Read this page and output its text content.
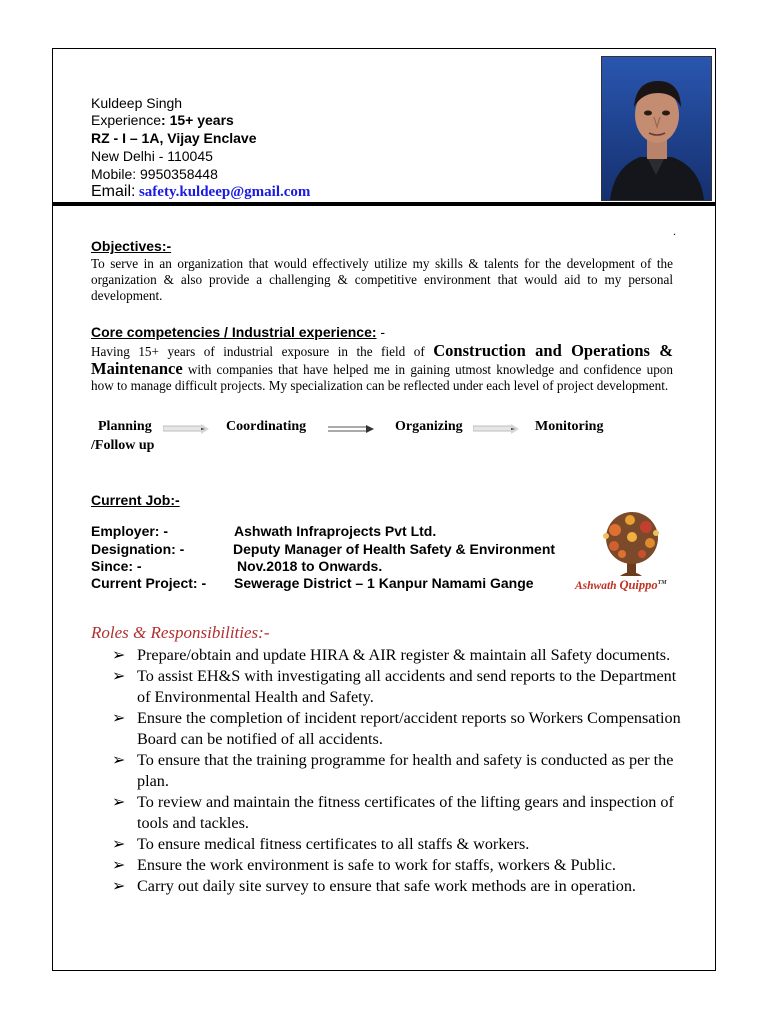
Kuldeep Singh
Experience: 15+ years
RZ - I – 1A, Vijay Enclave
New Delhi - 110045
Mobile: 9950358448
Email: safety.kuldeep@gmail.com
.
Objectives:-
To serve in an organization that would effectively utilize my skills & talents for the development of the organization & also provide a challenging & competitive environment that would aid to my personal development.
Core competencies / Industrial experience: -
Having 15+ years of industrial exposure in the field of Construction and Operations & Maintenance with companies that have helped me in gaining utmost knowledge and confidence upon how to manage difficult projects. My specialization can be reflected under each level of project development.
Planning	Coordinating	Organizing	Monitoring
/Follow up
Current Job:-
Employer: -	Ashwath Infraprojects Pvt Ltd.
Designation: -	Deputy Manager of Health Safety & Environment
Since: -	Nov.2018 to Onwards.
Current Project: - Sewerage District – 1 Kanpur Namami Gange	Ashwath Quippo™
Roles & Responsibilities:-
➢ Prepare/obtain and update HIRA & AIR register & maintain all Safety documents.
➢ To assist EH&S with investigating all accidents and send reports to the Department of Environmental Health and Safety.
➢ Ensure the completion of incident report/accident reports so Workers Compensation Board can be notified of all accidents.
➢ To ensure that the training programme for health and safety is conducted as per the plan.
➢ To review and maintain the fitness certificates of the lifting gears and inspection of tools and tackles.
➢ To ensure medical fitness certificates to all staffs & workers.
➢ Ensure the work environment is safe to work for staffs, workers & Public.
➢ Carry out daily site survey to ensure that safe work methods are in operation.
